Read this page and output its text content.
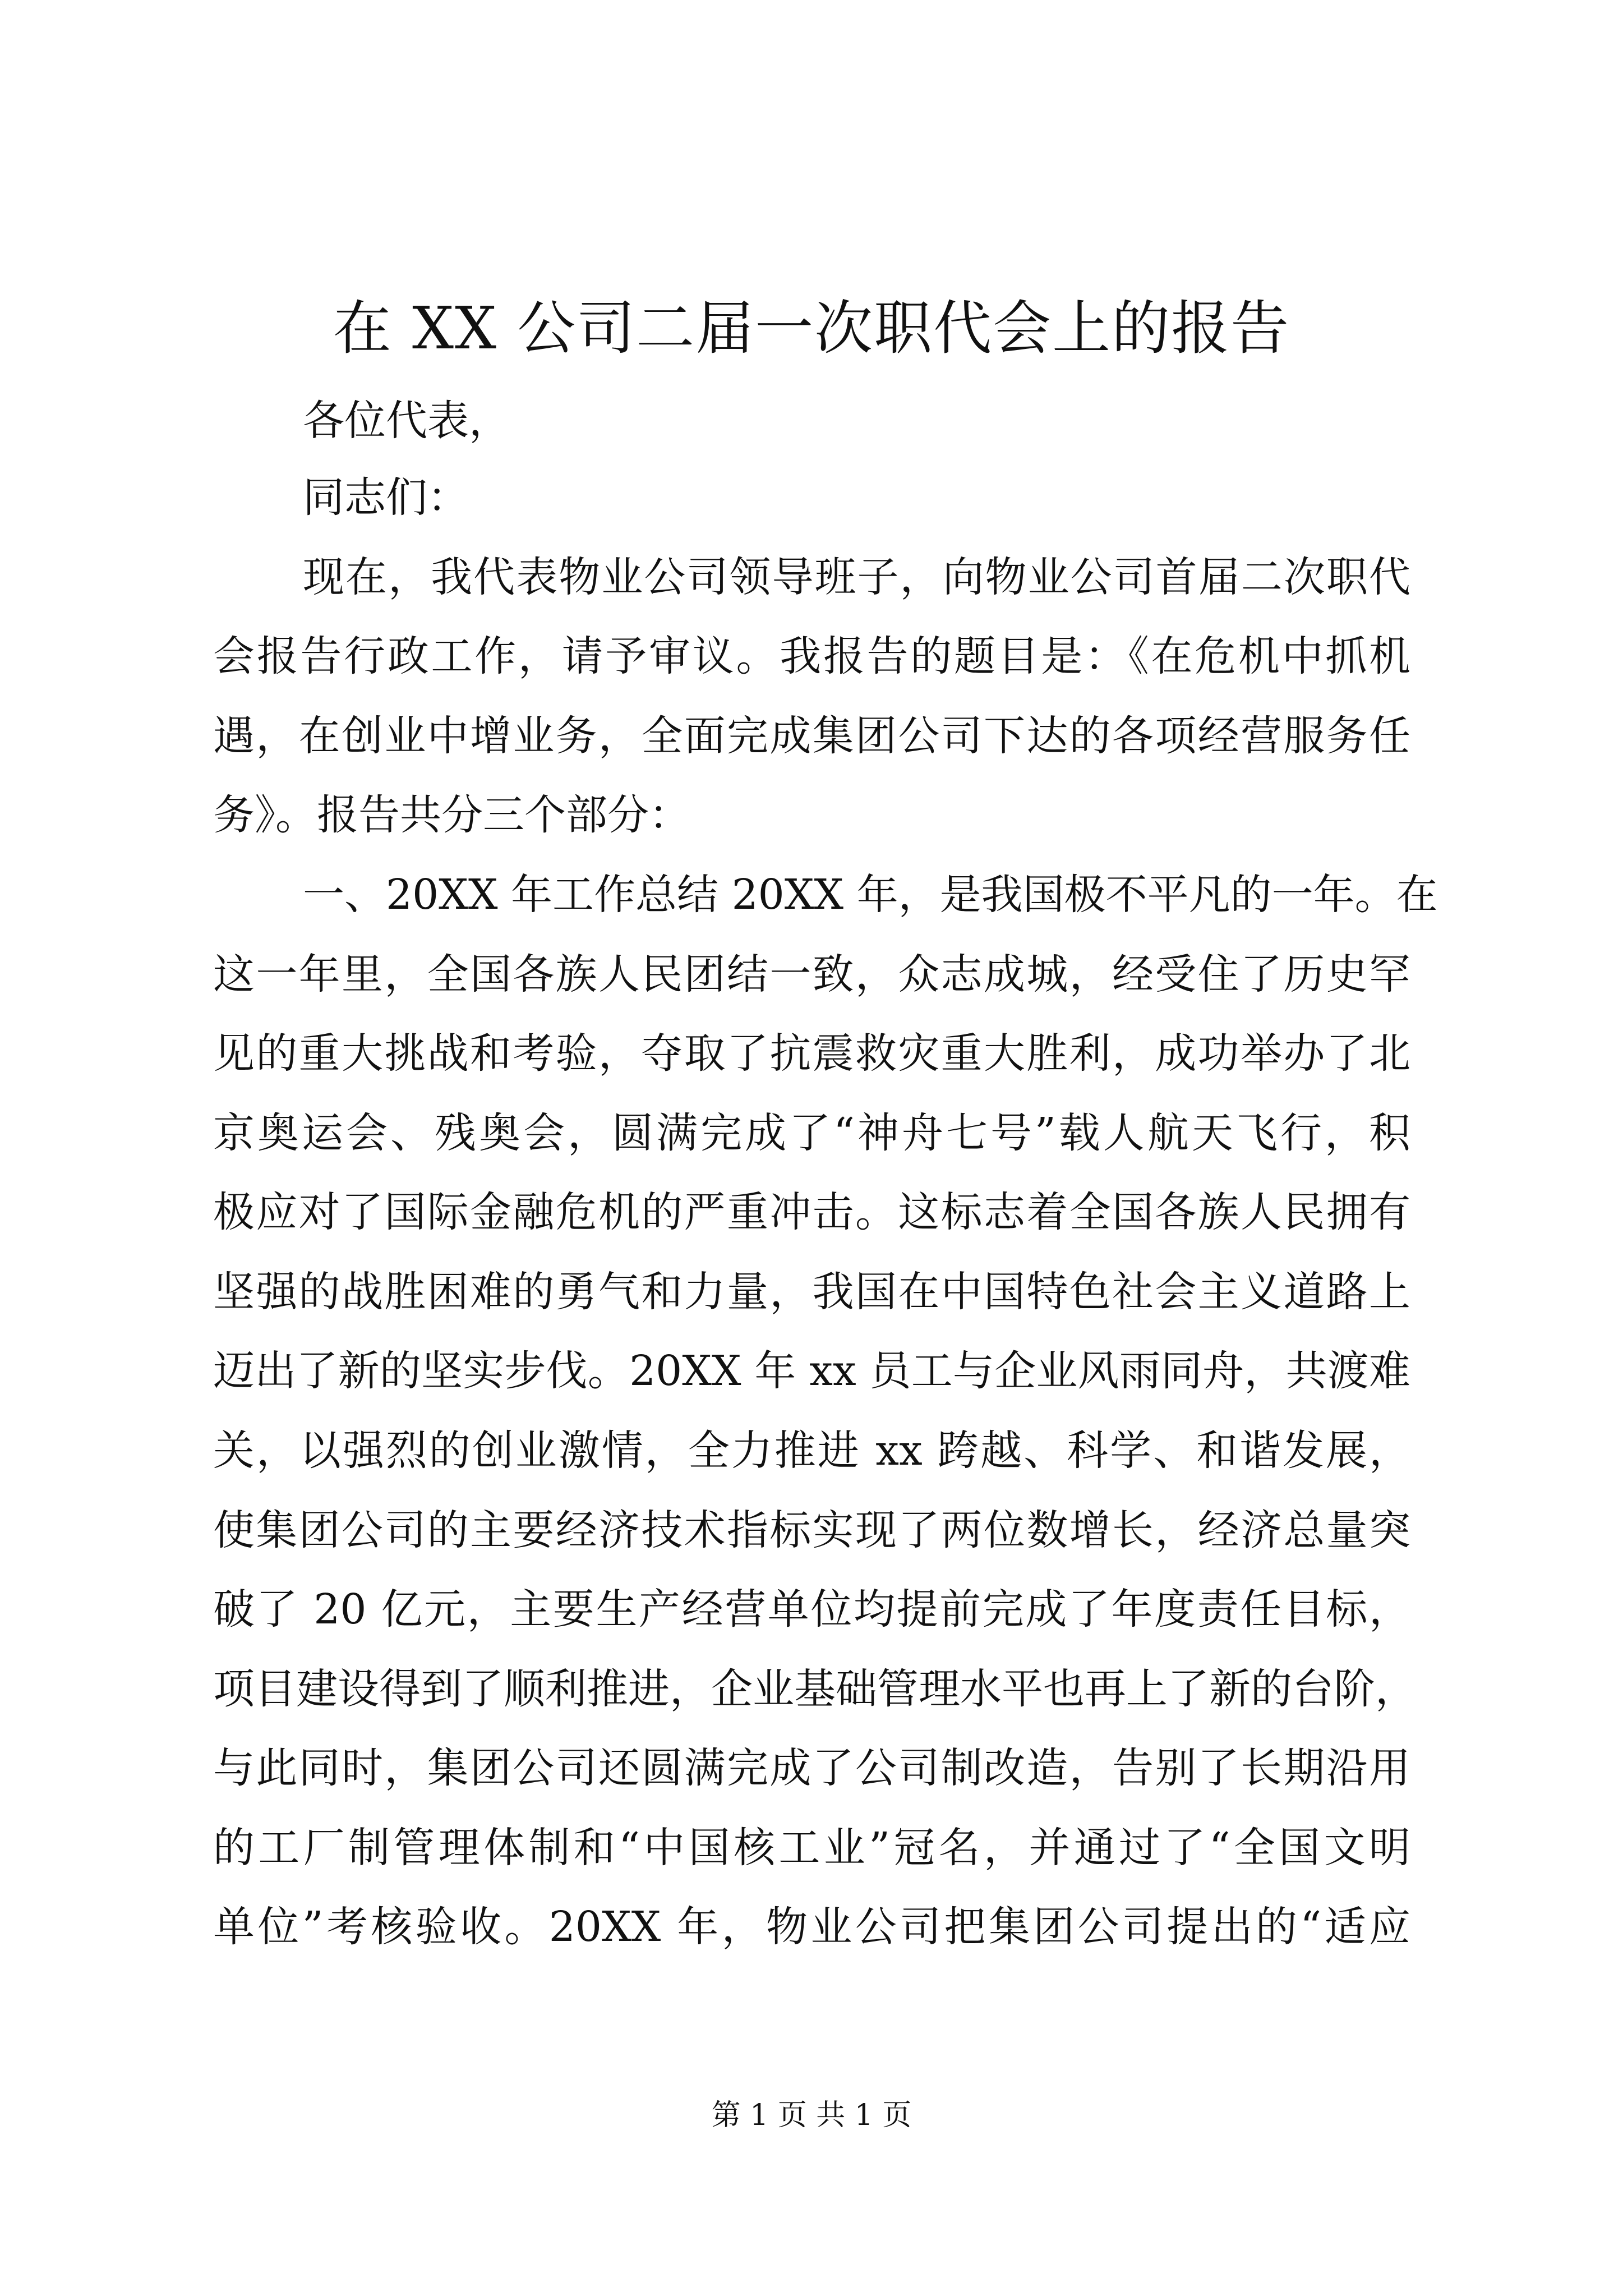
在 XX 公司二届一次职代会上的报告
各位代表，
同志们：
现在，我代表物业公司领导班子，向物业公司首届二次职代
会报告行政工作，请予审议。我报告的题目是：《在危机中抓机
遇，在创业中增业务，全面完成集团公司下达的各项经营服务任
务》。报告共分三个部分：
一、20XX 年工作总结 20XX 年，是我国极不平凡的一年。在
这一年里，全国各族人民团结一致，众志成城，经受住了历史罕
见的重大挑战和考验，夺取了抗震救灾重大胜利，成功举办了北
京奥运会、残奥会，圆满完成了“神舟七号”载人航天飞行，积
极应对了国际金融危机的严重冲击。这标志着全国各族人民拥有
坚强的战胜困难的勇气和力量，我国在中国特色社会主义道路上
迈出了新的坚实步伐。20XX 年 xx 员工与企业风雨同舟，共渡难
关，以强烈的创业激情，全力推进 xx 跨越、科学、和谐发展，
使集团公司的主要经济技术指标实现了两位数增长，经济总量突
破了 20 亿元，主要生产经营单位均提前完成了年度责任目标，
项目建设得到了顺利推进，企业基础管理水平也再上了新的台阶，
与此同时，集团公司还圆满完成了公司制改造，告别了长期沿用
的工厂制管理体制和“中国核工业”冠名，并通过了“全国文明
单位”考核验收。20XX 年，物业公司把集团公司提出的“适应
第 1 页 共 1 页
